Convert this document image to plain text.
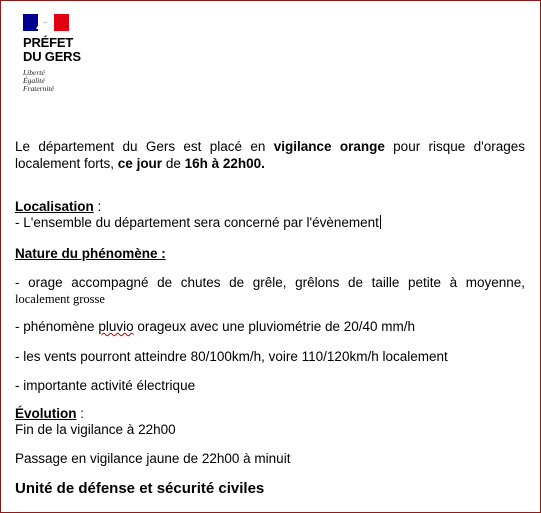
PRÉFET
DU GERS
Liberté
Égalité
Fraternité
Le département du Gers est placé en vigilance orange pour risque d'orages localement forts, ce jour de 16h à 22h00.
Localisation :
- L'ensemble du département sera concerné par l'évènement
Nature du phénomène :
- orage accompagné de chutes de grêle, grêlons de taille petite à moyenne,
localement grosse
- phénomène pluvio orageux avec une pluviométrie de 20/40 mm/h
- les vents pourront atteindre 80/100km/h, voire 110/120km/h localement
- importante activité électrique
Évolution :
Fin de la vigilance à 22h00
Passage en vigilance jaune de 22h00 à minuit
Unité de défense et sécurité civiles
